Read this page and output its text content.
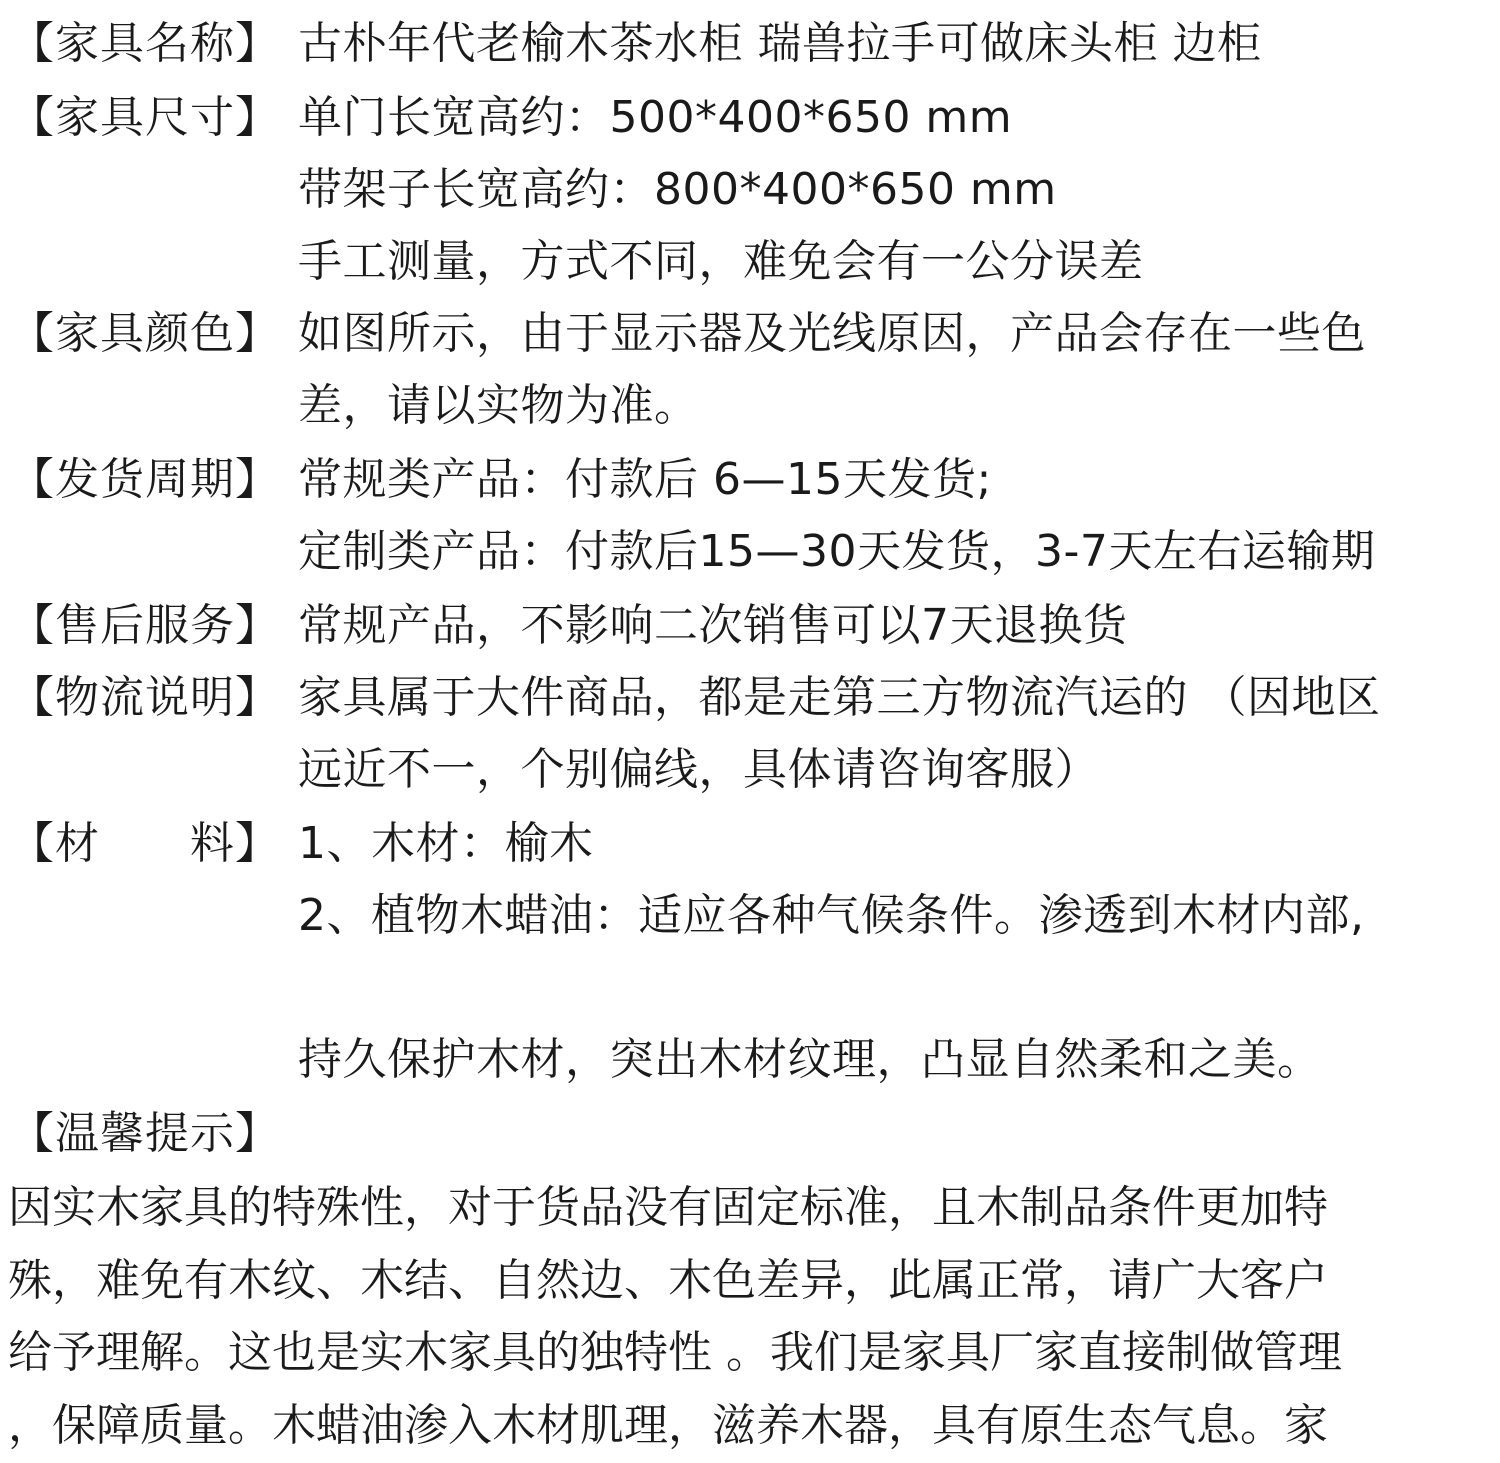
【家具名称】 古朴年代老榆木茶水柜 瑞兽拉手可做床头柜 边柜
【家具尺寸】 单门长宽高约：500*400*650 mm
带架子长宽高约：800*400*650 mm
手工测量，方式不同，难免会有一公分误差
【家具颜色】 如图所示，由于显示器及光线原因，产品会存在一些色
差，请以实物为准。
【发货周期】 常规类产品：付款后 6—15天发货;
定制类产品：付款后15—30天发货，3-7天左右运输期
【售后服务】 常规产品，不影响二次销售可以7天退换货
【物流说明】 家具属于大件商品，都是走第三方物流汽运的 （因地区
远近不一，个别偏线，具体请咨询客服）
【材      料】 1、木材：榆木
2、植物木蜡油：适应各种气候条件。渗透到木材内部,
持久保护木材，突出木材纹理，凸显自然柔和之美。
【温馨提示】
因实木家具的特殊性，对于货品没有固定标准，且木制品条件更加特
殊，难免有木纹、木结、自然边、木色差异，此属正常，请广大客户
给予理解。这也是实木家具的独特性 。我们是家具厂家直接制做管理
，保障质量。木蜡油渗入木材肌理，滋养木器，具有原生态气息。家
